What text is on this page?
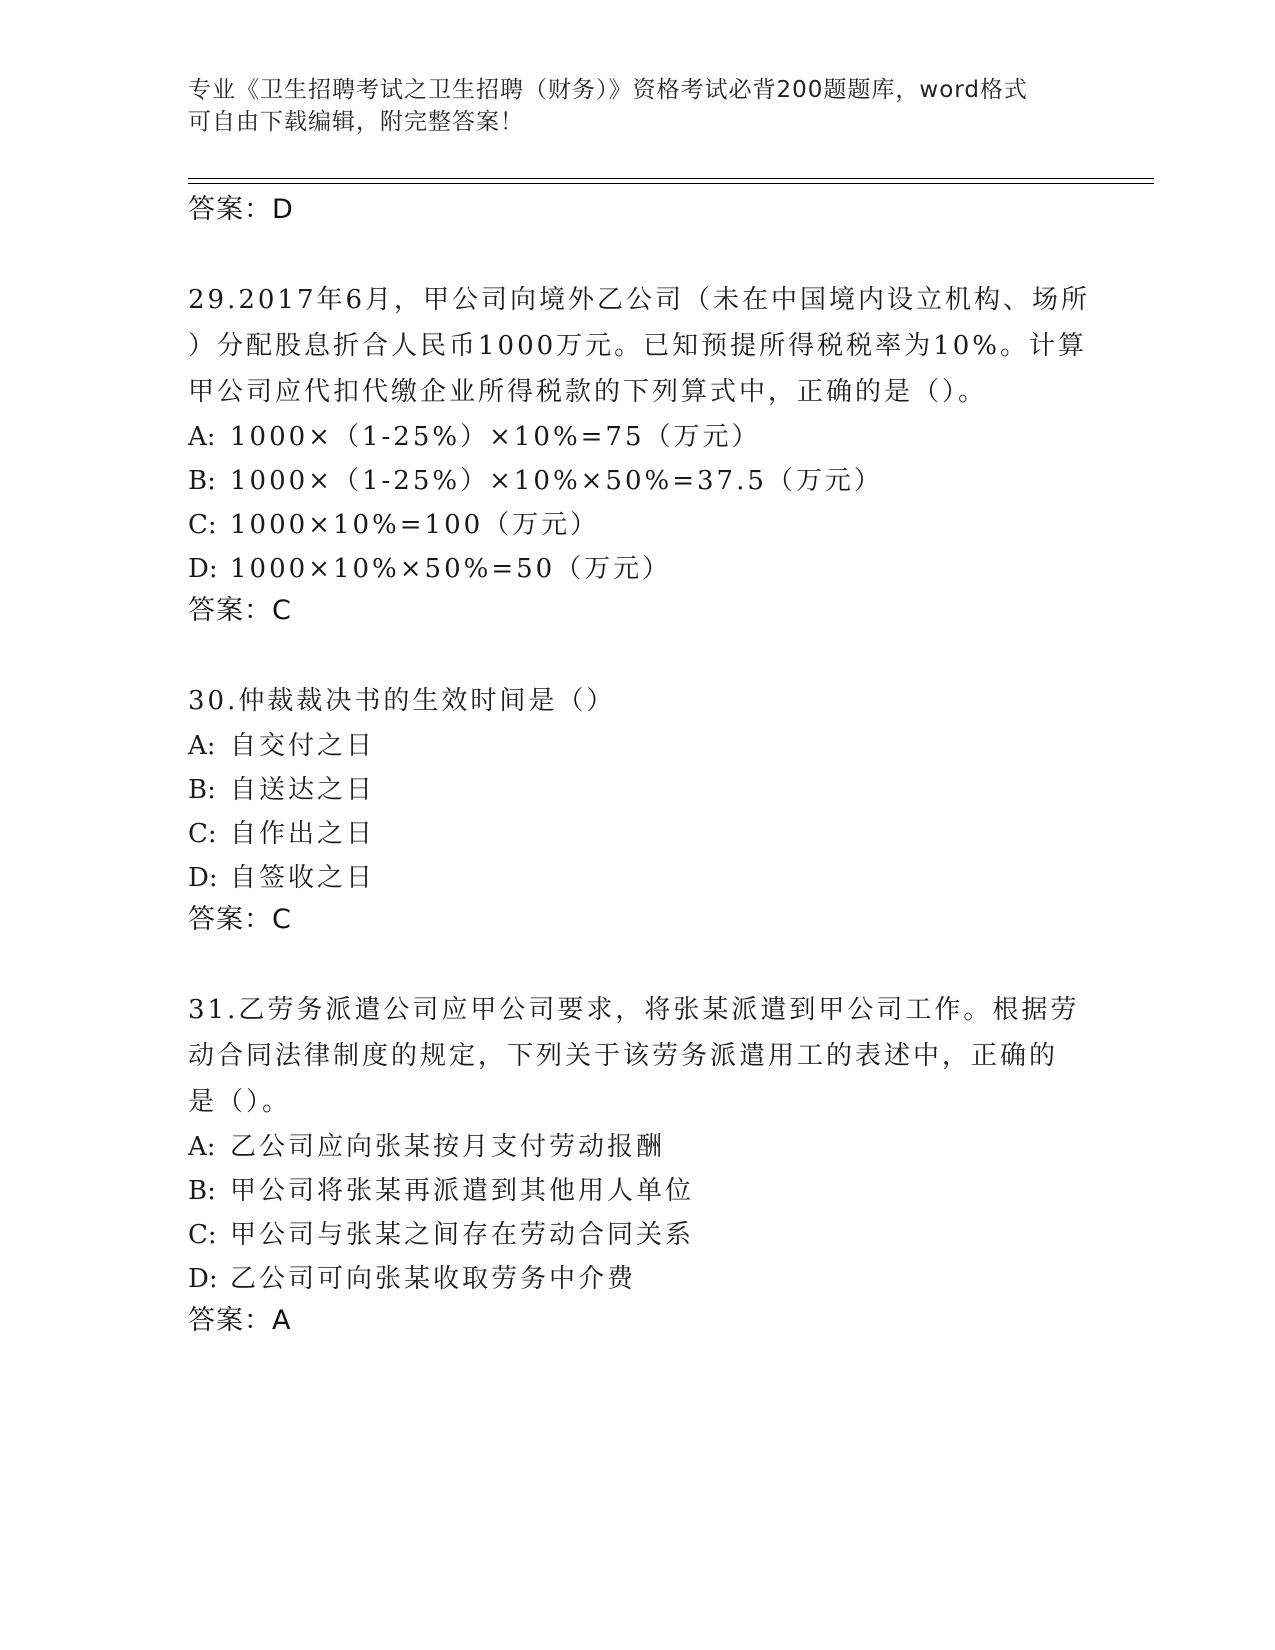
专业《卫生招聘考试之卫生招聘（财务）》资格考试必背200题题库，word格式
可自由下载编辑，附完整答案！
答案：D
29.2017年6月，甲公司向境外乙公司（未在中国境内设立机构、场所
）分配股息折合人民币1000万元。已知预提所得税税率为10%。计算
甲公司应代扣代缴企业所得税款的下列算式中，正确的是（）。
A: 1000×（1-25%）×10%=75（万元）
B: 1000×（1-25%）×10%×50%=37.5（万元）
C: 1000×10%=100（万元）
D: 1000×10%×50%=50（万元）
答案：C
30.仲裁裁决书的生效时间是（）
A: 自交付之日
B: 自送达之日
C: 自作出之日
D: 自签收之日
答案：C
31.乙劳务派遣公司应甲公司要求，将张某派遣到甲公司工作。根据劳
动合同法律制度的规定，下列关于该劳务派遣用工的表述中，正确的
是（）。
A: 乙公司应向张某按月支付劳动报酬
B: 甲公司将张某再派遣到其他用人单位
C: 甲公司与张某之间存在劳动合同关系
D: 乙公司可向张某收取劳务中介费
答案：A
